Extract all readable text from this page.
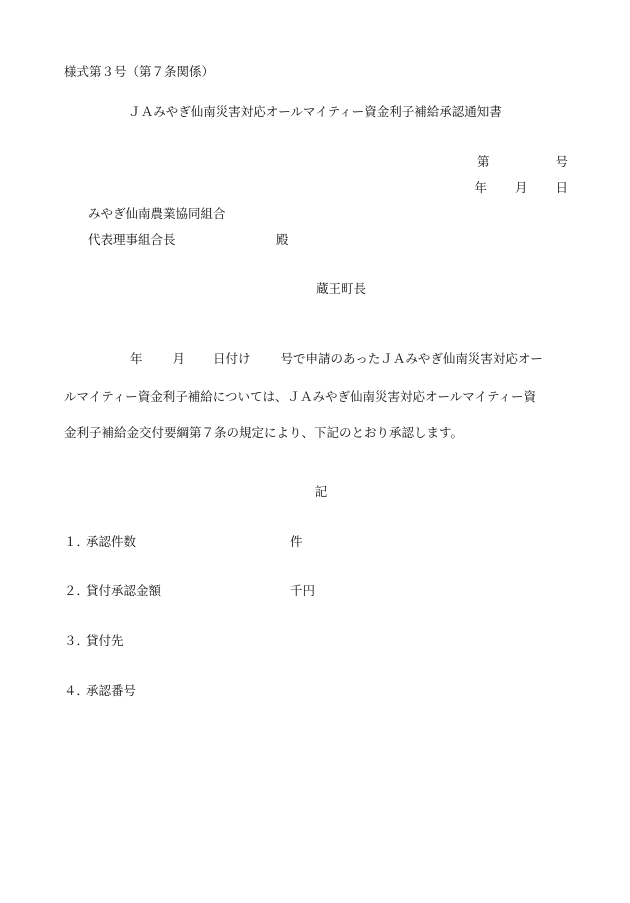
様式第３号（第７条関係）
ＪＡみやぎ仙南災害対応オールマイティー資金利子補給承認通知書
第	号
年 月 日
みやぎ仙南農業協同組合
代表理事組合長	殿
蔵王町長
年 月 日付け 号で申請のあったＪＡみやぎ仙南災害対応オー
ルマイティー資金利子補給については、ＪＡみやぎ仙南災害対応オールマイティー資
金利子補給金交付要綱第７条の規定により、下記のとおり承認します。
記
１．承認件数	件
２．貸付承認金額	千円
３．貸付先
４．承認番号
